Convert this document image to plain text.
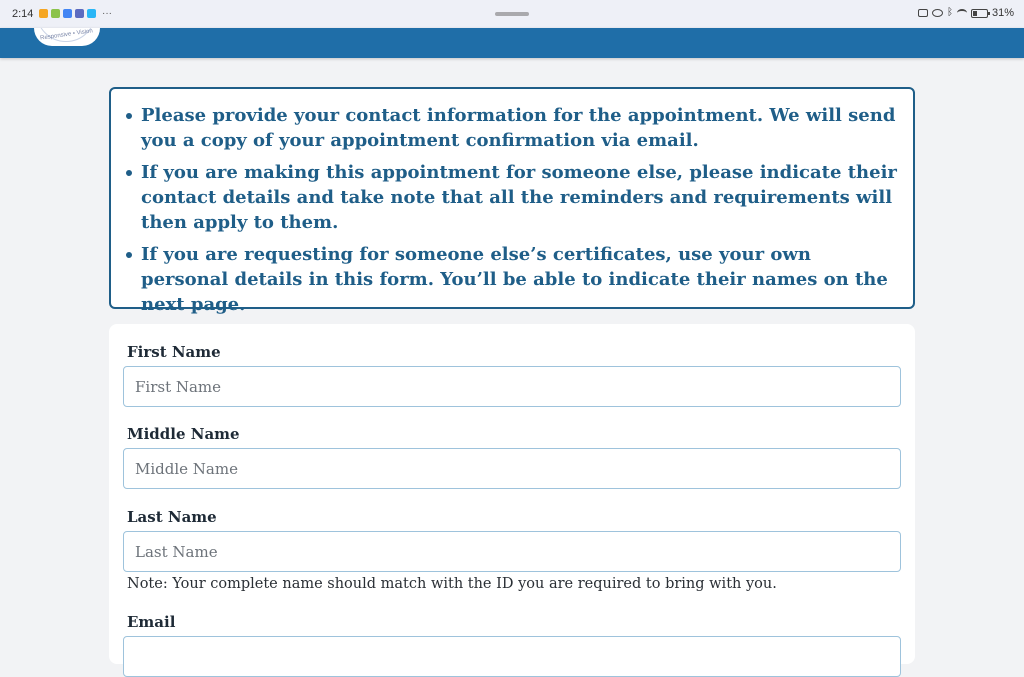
2:14	···	ᛒ	31%
Responsive • Vision
Please provide your contact information for the appointment. We will send you a copy of your appointment confirmation via email.
If you are making this appointment for someone else, please indicate their contact details and take note that all the reminders and requirements will then apply to them.
If you are requesting for someone else’s certificates, use your own personal details in this form. You’ll be able to indicate their names on the next page.
First Name
First Name
Middle Name
Middle Name
Last Name
Last Name
Note: Your complete name should match with the ID you are required to bring with you.
Email
